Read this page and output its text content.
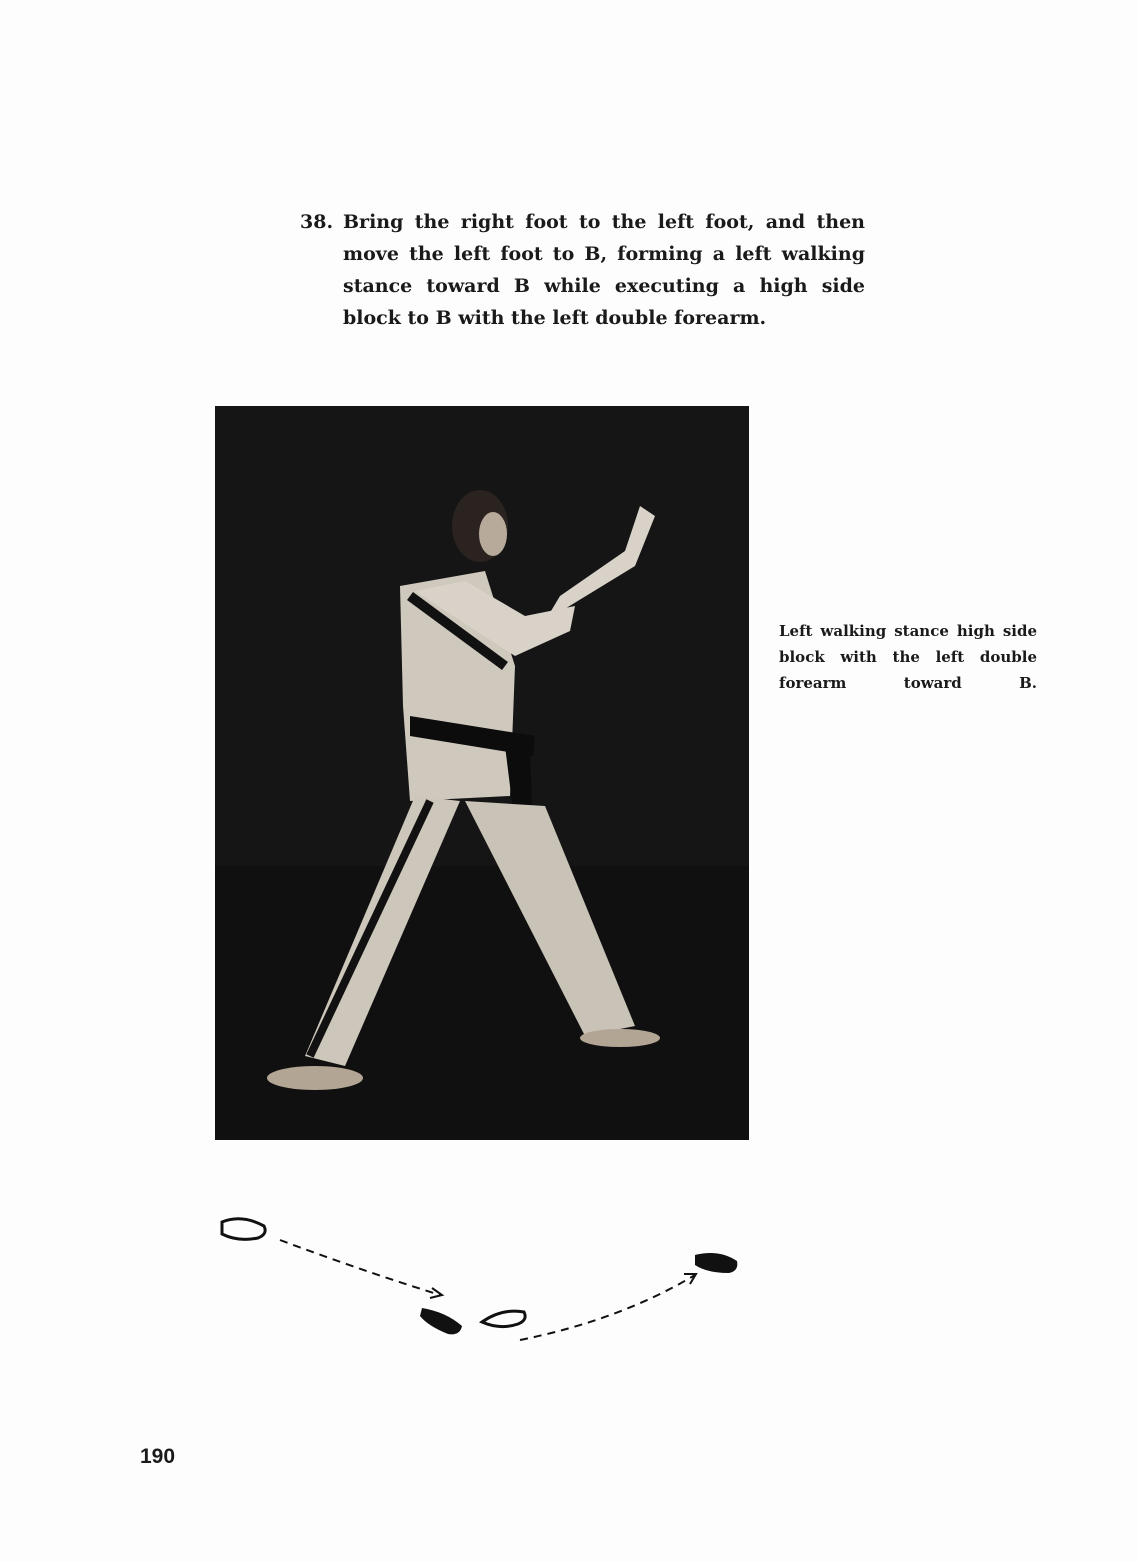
38. Bring the right foot to the left foot, and then move the left foot to B, forming a left walking stance toward B while executing a high side block to B with the left double forearm.
Left walking stance high side block with the left double forearm toward B.
190
